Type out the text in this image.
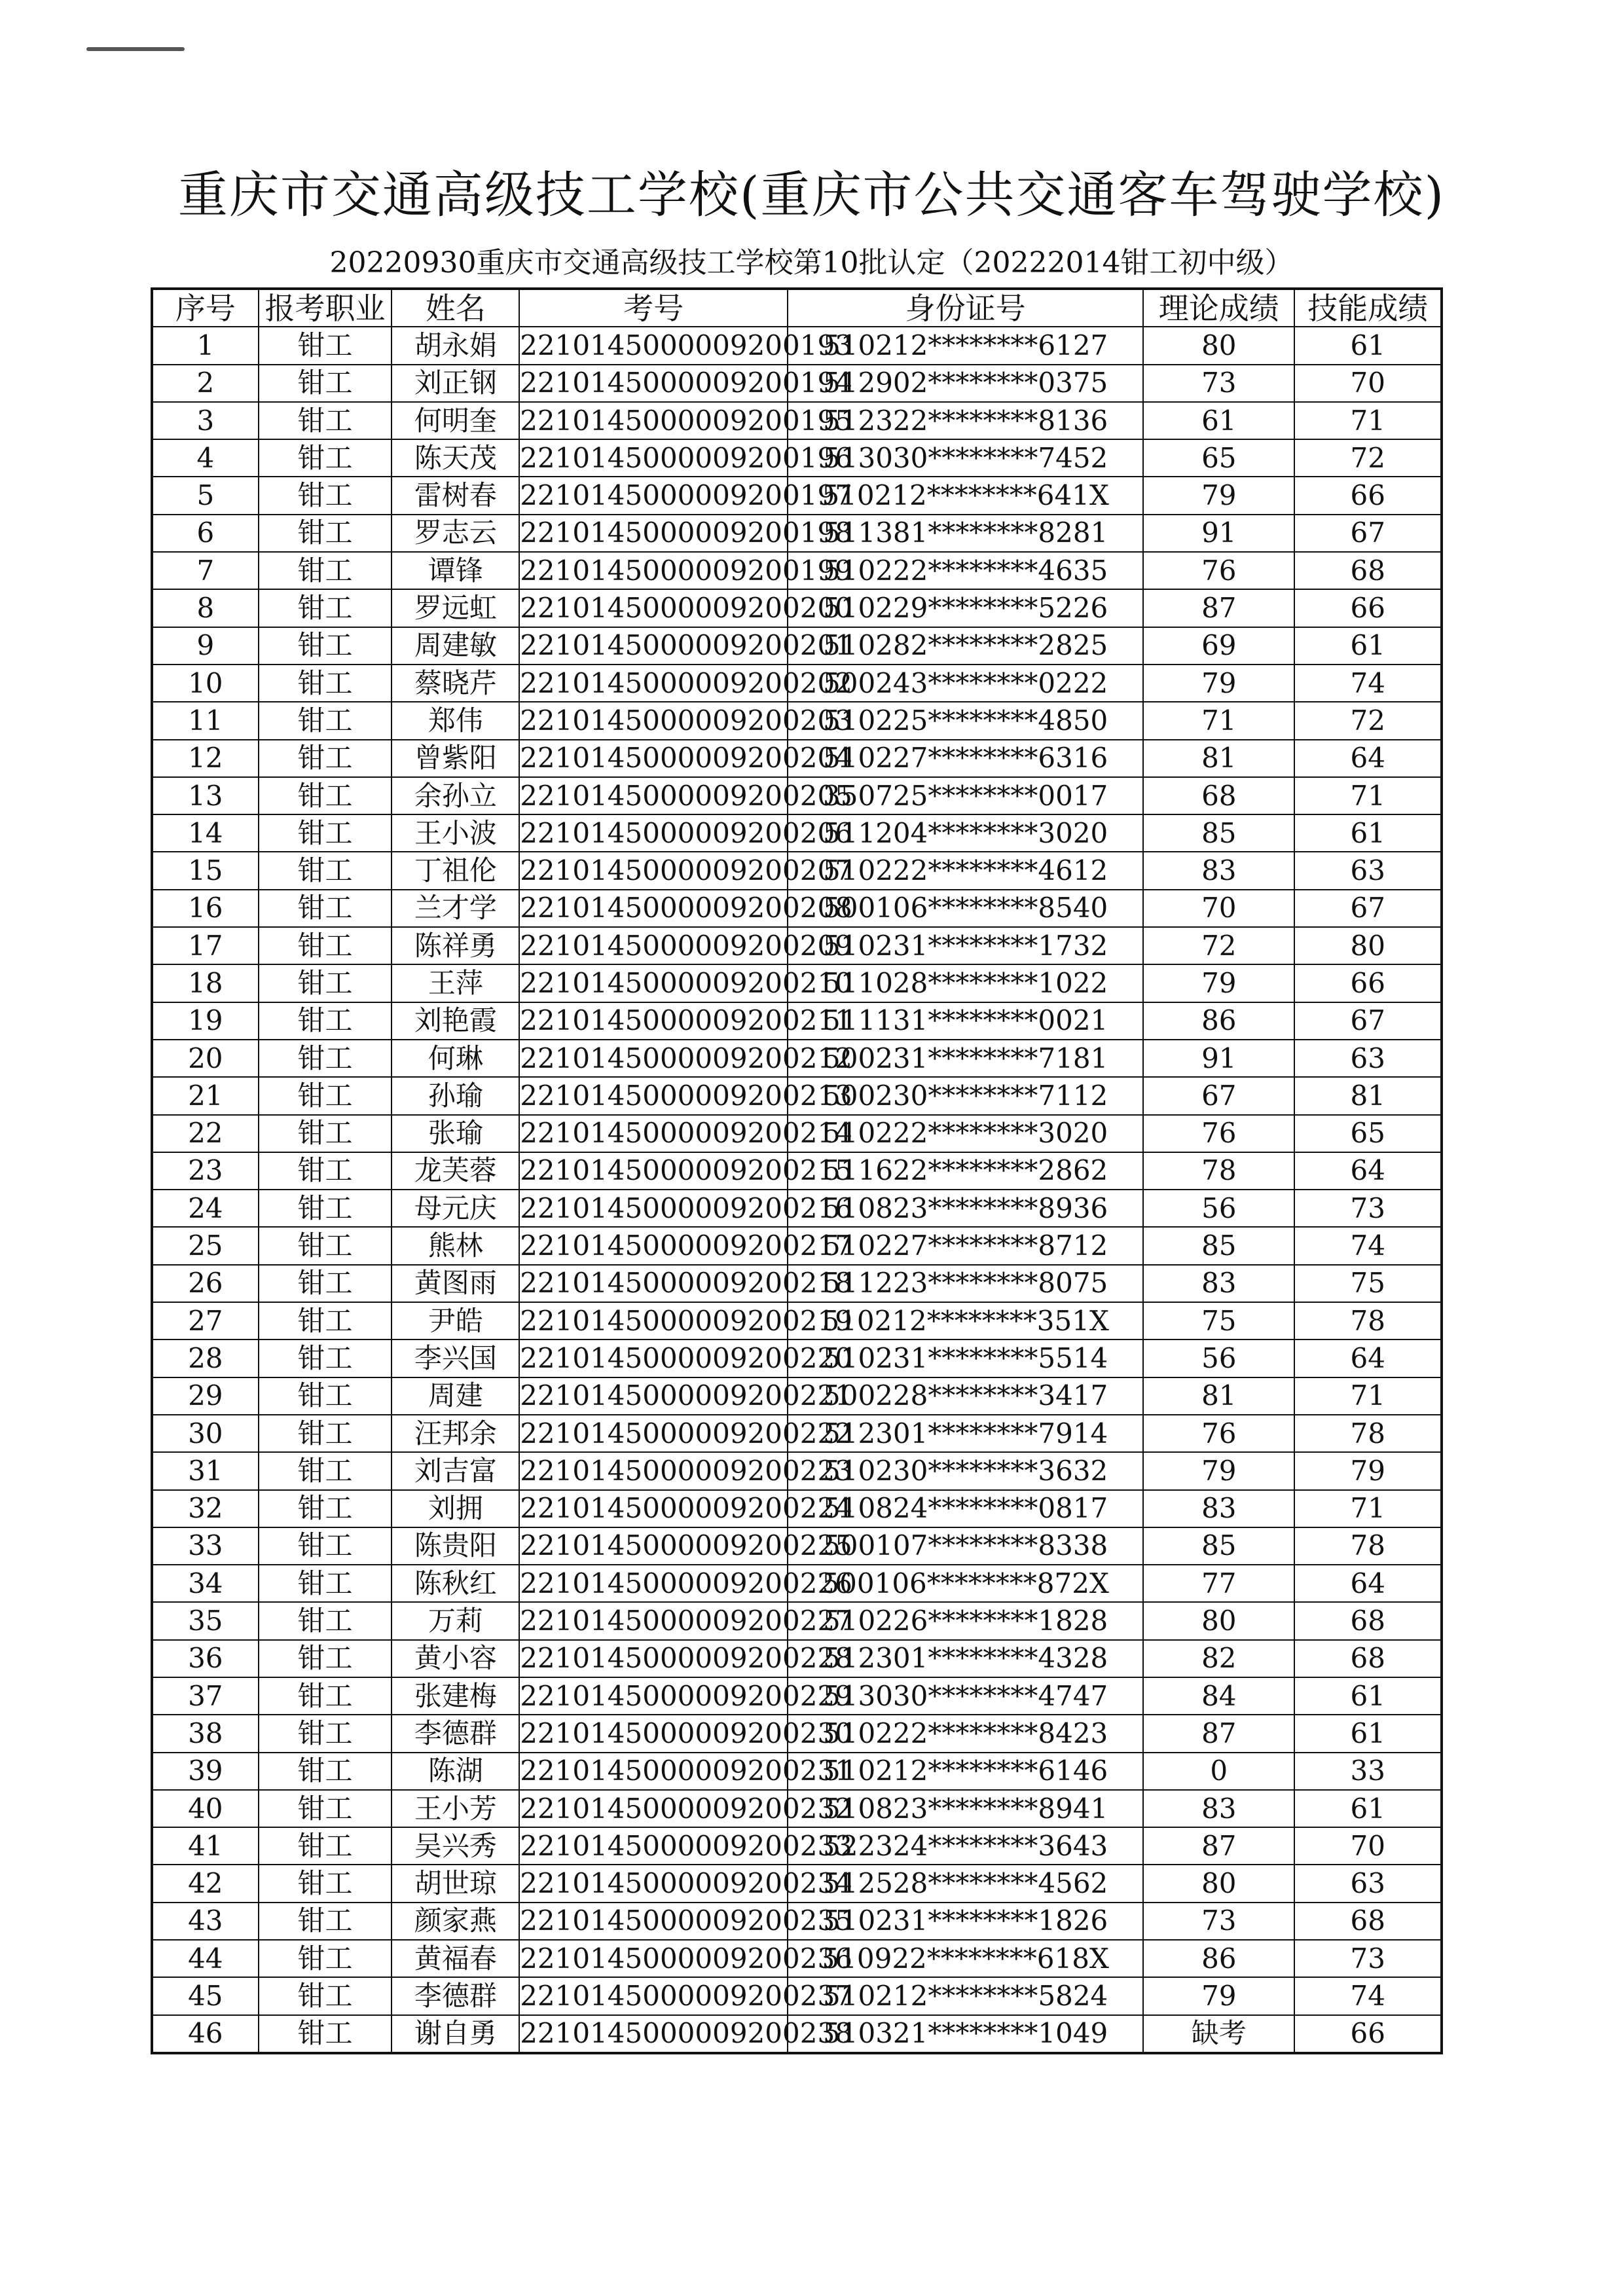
重庆市交通高级技工学校(重庆市公共交通客车驾驶学校)
20220930重庆市交通高级技工学校第10批认定（20222014钳工初中级）
序号	报考职业	姓名	考号	身份证号	理论成绩	技能成绩
1	钳工	胡永娟	2210145000009200193	510212********6127	80	61
2	钳工	刘正钢	2210145000009200194	512902********0375	73	70
3	钳工	何明奎	2210145000009200195	512322********8136	61	71
4	钳工	陈天茂	2210145000009200196	513030********7452	65	72
5	钳工	雷树春	2210145000009200197	510212********641X	79	66
6	钳工	罗志云	2210145000009200198	511381********8281	91	67
7	钳工	谭锋	2210145000009200199	510222********4635	76	68
8	钳工	罗远虹	2210145000009200200	510229********5226	87	66
9	钳工	周建敏	2210145000009200201	510282********2825	69	61
10	钳工	蔡晓芹	2210145000009200202	500243********0222	79	74
11	钳工	郑伟	2210145000009200203	510225********4850	71	72
12	钳工	曾紫阳	2210145000009200204	510227********6316	81	64
13	钳工	余孙立	2210145000009200205	350725********0017	68	71
14	钳工	王小波	2210145000009200206	511204********3020	85	61
15	钳工	丁祖伦	2210145000009200207	510222********4612	83	63
16	钳工	兰才学	2210145000009200208	500106********8540	70	67
17	钳工	陈祥勇	2210145000009200209	510231********1732	72	80
18	钳工	王萍	2210145000009200210	511028********1022	79	66
19	钳工	刘艳霞	2210145000009200211	511131********0021	86	67
20	钳工	何琳	2210145000009200212	500231********7181	91	63
21	钳工	孙瑜	2210145000009200213	500230********7112	67	81
22	钳工	张瑜	2210145000009200214	510222********3020	76	65
23	钳工	龙芙蓉	2210145000009200215	511622********2862	78	64
24	钳工	母元庆	2210145000009200216	510823********8936	56	73
25	钳工	熊林	2210145000009200217	510227********8712	85	74
26	钳工	黄图雨	2210145000009200218	511223********8075	83	75
27	钳工	尹皓	2210145000009200219	510212********351X	75	78
28	钳工	李兴国	2210145000009200220	510231********5514	56	64
29	钳工	周建	2210145000009200221	500228********3417	81	71
30	钳工	汪邦余	2210145000009200222	512301********7914	76	78
31	钳工	刘吉富	2210145000009200223	510230********3632	79	79
32	钳工	刘拥	2210145000009200224	510824********0817	83	71
33	钳工	陈贵阳	2210145000009200225	500107********8338	85	78
34	钳工	陈秋红	2210145000009200226	500106********872X	77	64
35	钳工	万莉	2210145000009200227	510226********1828	80	68
36	钳工	黄小容	2210145000009200228	512301********4328	82	68
37	钳工	张建梅	2210145000009200229	513030********4747	84	61
38	钳工	李德群	2210145000009200230	510222********8423	87	61
39	钳工	陈湖	2210145000009200231	510212********6146	0	33
40	钳工	王小芳	2210145000009200232	510823********8941	83	61
41	钳工	吴兴秀	2210145000009200233	522324********3643	87	70
42	钳工	胡世琼	2210145000009200234	512528********4562	80	63
43	钳工	颜家燕	2210145000009200235	510231********1826	73	68
44	钳工	黄福春	2210145000009200236	510922********618X	86	73
45	钳工	李德群	2210145000009200237	510212********5824	79	74
46	钳工	谢自勇	2210145000009200238	510321********1049	缺考	66
